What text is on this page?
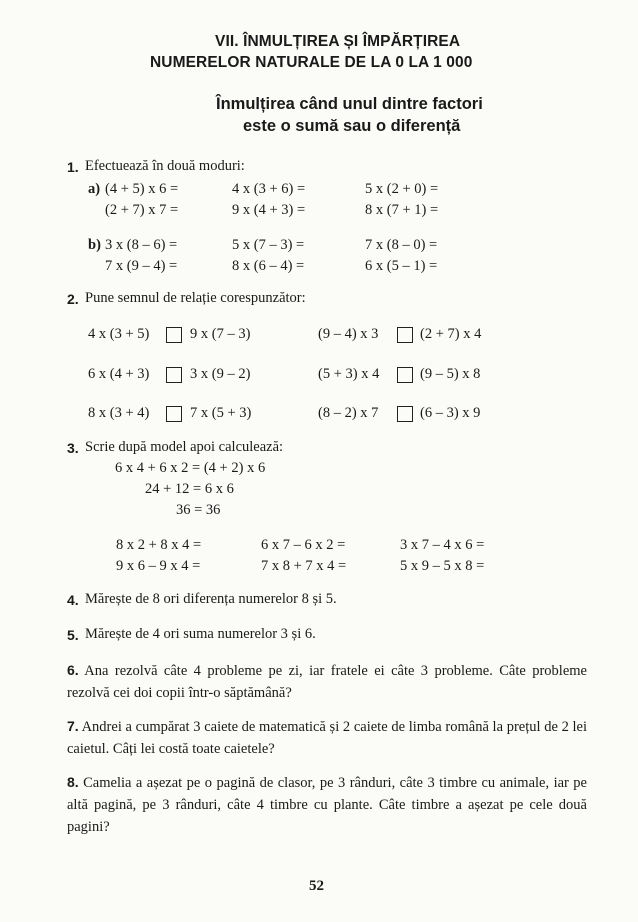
VII. ÎNMULȚIREA ȘI ÎMPĂRȚIREA
NUMERELOR NATURALE DE LA 0 LA 1 000
Înmulțirea când unul dintre factori
este o sumă sau o diferență
1. Efectuează în două moduri:
a) (4 + 5) x 6 =	4 x (3 + 6) =	5 x (2 + 0) =
(2 + 7) x 7 =	9 x (4 + 3) =	8 x (7 + 1) =
b) 3 x (8 – 6) =	5 x (7 – 3) =	7 x (8 – 0) =
7 x (9 – 4) =	8 x (6 – 4) =	6 x (5 – 1) =
2. Pune semnul de relație corespunzător:
4 x (3 + 5)	9 x (7 – 3)	(9 – 4) x 3	(2 + 7) x 4
6 x (4 + 3)	3 x (9 – 2)	(5 + 3) x 4	(9 – 5) x 8
8 x (3 + 4)	7 x (5 + 3)	(8 – 2) x 7	(6 – 3) x 9
3. Scrie după model apoi calculează:
6 x 4 + 6 x 2 = (4 + 2) x 6
24 + 12 = 6 x 6
36 = 36
8 x 2 + 8 x 4 =	6 x 7 – 6 x 2 =	3 x 7 – 4 x 6 =
9 x 6 – 9 x 4 =	7 x 8 + 7 x 4 =	5 x 9 – 5 x 8 =
4. Mărește de 8 ori diferența numerelor 8 și 5.
5. Mărește de 4 ori suma numerelor 3 și 6.
6. Ana rezolvă câte 4 probleme pe zi, iar fratele ei câte 3 probleme. Câte probleme rezolvă cei doi copii într-o săptămână?
7. Andrei a cumpărat 3 caiete de matematică și 2 caiete de limba română la prețul de 2 lei caietul. Câți lei costă toate caietele?
8. Camelia a așezat pe o pagină de clasor, pe 3 rânduri, câte 3 timbre cu animale, iar pe altă pagină, pe 3 rânduri, câte 4 timbre cu plante. Câte timbre a așezat pe cele două pagini?
52
